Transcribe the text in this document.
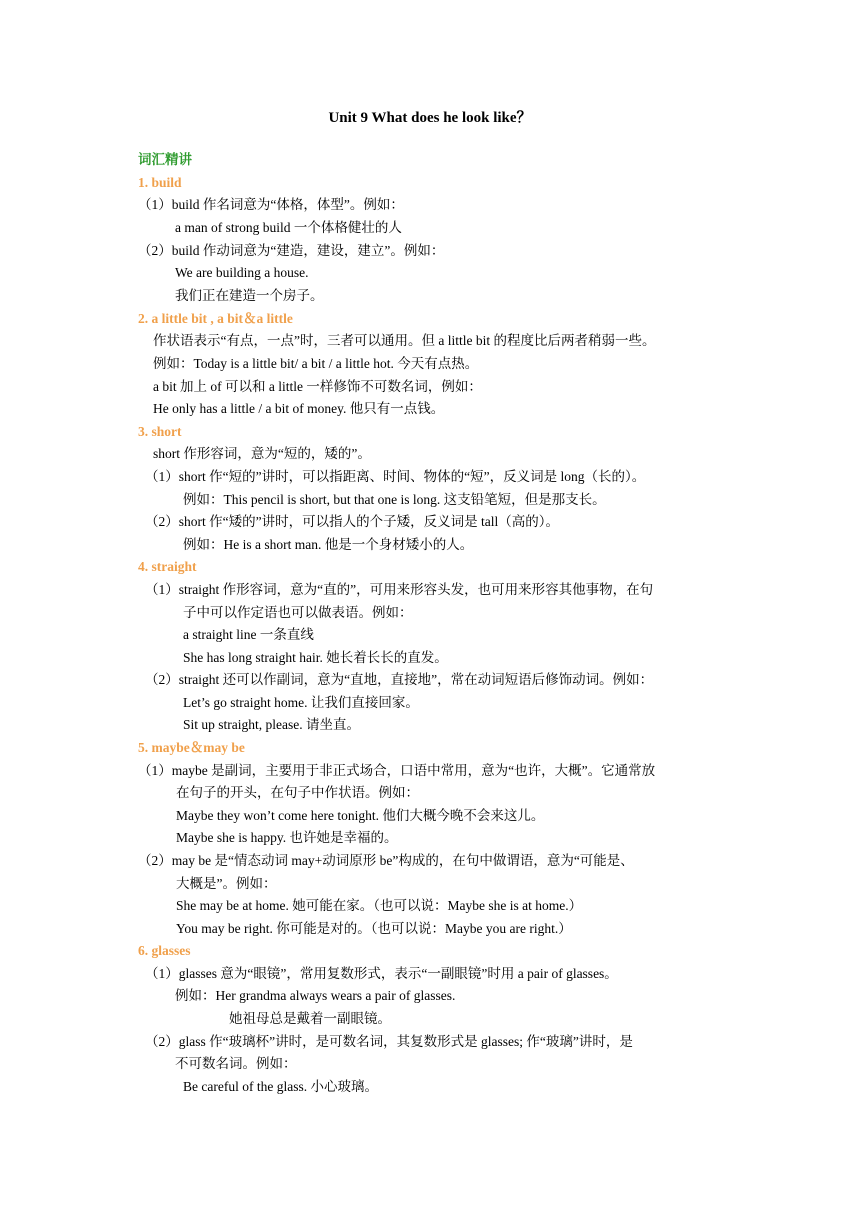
Unit 9 What does he look like？
词汇精讲
1. build
（1）build 作名词意为“体格，体型”。例如：
a man of strong build 一个体格健壮的人
（2）build 作动词意为“建造，建设，建立”。例如：
We are building a house.
我们正在建造一个房子。
2. a little bit , a bit＆a little
作状语表示“有点，一点”时，三者可以通用。但 a little bit 的程度比后两者稍弱一些。
例如：Today is a little bit/ a bit / a little hot. 今天有点热。
a bit 加上 of 可以和 a little 一样修饰不可数名词，例如：
He only has a little / a bit of money. 他只有一点钱。
3. short
short 作形容词，意为“短的，矮的”。
（1）short 作“短的”讲时，可以指距离、时间、物体的“短”，反义词是 long（长的）。
例如：This pencil is short, but that one is long. 这支铅笔短，但是那支长。
（2）short 作“矮的”讲时，可以指人的个子矮，反义词是 tall（高的）。
例如：He is a short man. 他是一个身材矮小的人。
4. straight
（1）straight 作形容词，意为“直的”，可用来形容头发，也可用来形容其他事物，在句
子中可以作定语也可以做表语。例如：
a straight line 一条直线
She has long straight hair. 她长着长长的直发。
（2）straight 还可以作副词，意为“直地，直接地”，常在动词短语后修饰动词。例如：
Let’s go straight home. 让我们直接回家。
Sit up straight, please. 请坐直。
5. maybe＆may be
（1）maybe 是副词，主要用于非正式场合，口语中常用，意为“也许，大概”。它通常放
在句子的开头，在句子中作状语。例如：
Maybe they won’t come here tonight. 他们大概今晚不会来这儿。
Maybe she is happy. 也许她是幸福的。
（2）may be 是“情态动词 may+动词原形 be”构成的，在句中做谓语，意为“可能是、
大概是”。例如：
She may be at home. 她可能在家。（也可以说：Maybe she is at home.）
You may be right. 你可能是对的。（也可以说：Maybe you are right.）
6. glasses
（1）glasses 意为“眼镜”，常用复数形式，表示“一副眼镜”时用 a pair of glasses。
例如：Her grandma always wears a pair of glasses.
她祖母总是戴着一副眼镜。
（2）glass 作“玻璃杯”讲时，是可数名词，其复数形式是 glasses; 作“玻璃”讲时，是
不可数名词。例如：
Be careful of the glass. 小心玻璃。
